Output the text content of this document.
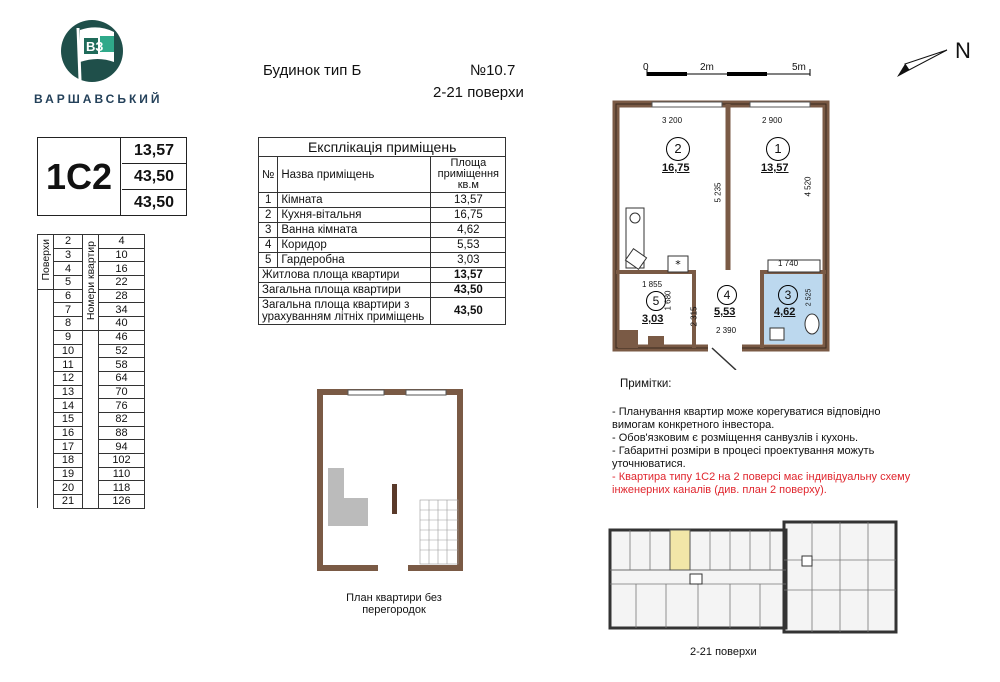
ВЗ
ВАРШАВСЬКИЙ
1С2
13,57
43,50
43,50
Поверхи	2	Номери квартир	4
	3		10
	4		16
	5		22
	6		28
	7		34
	8		40
	9		46
	10		52
	11		58
	12		64
	13		70
	14		76
	15		82
	16		88
	17		94
	18		102
	19		110
	20		118
	21		126
Будинок тип Б	№10.7
2-21 поверхи
Експлікація приміщень		
№	Назва приміщень	Площа приміщення кв.м
1	Кімната	13,57
2	Кухня-вітальня	16,75
3	Ванна кімната	4,62
4	Коридор	5,53
5	Гардеробна	3,03
Житлова площа квартири		13,57
Загальна площа квартири		43,50
Загальна площа квартири з урахуванням літніх приміщень		43,50
0	2m	5m
N
*
1
13,57
2
16,75
3
4,62
4
5,53
5
3,03
3 200	2 900
5 235	4 520
1 740
1 855
1 680
2 315
2 390
2 525
План квартири без перегородок
Примітки:
- Планування квартир може корегуватися відповідно вимогам конкретного інвестора.
- Обов'язковим є розміщення санвузлів і кухонь.
- Габаритні розміри в процесі проектування можуть уточнюватися.
- Квартира типу 1С2 на 2 поверсі має індивідуальну схему інженерних каналів (див. план 2 поверху).
2-21 поверхи
